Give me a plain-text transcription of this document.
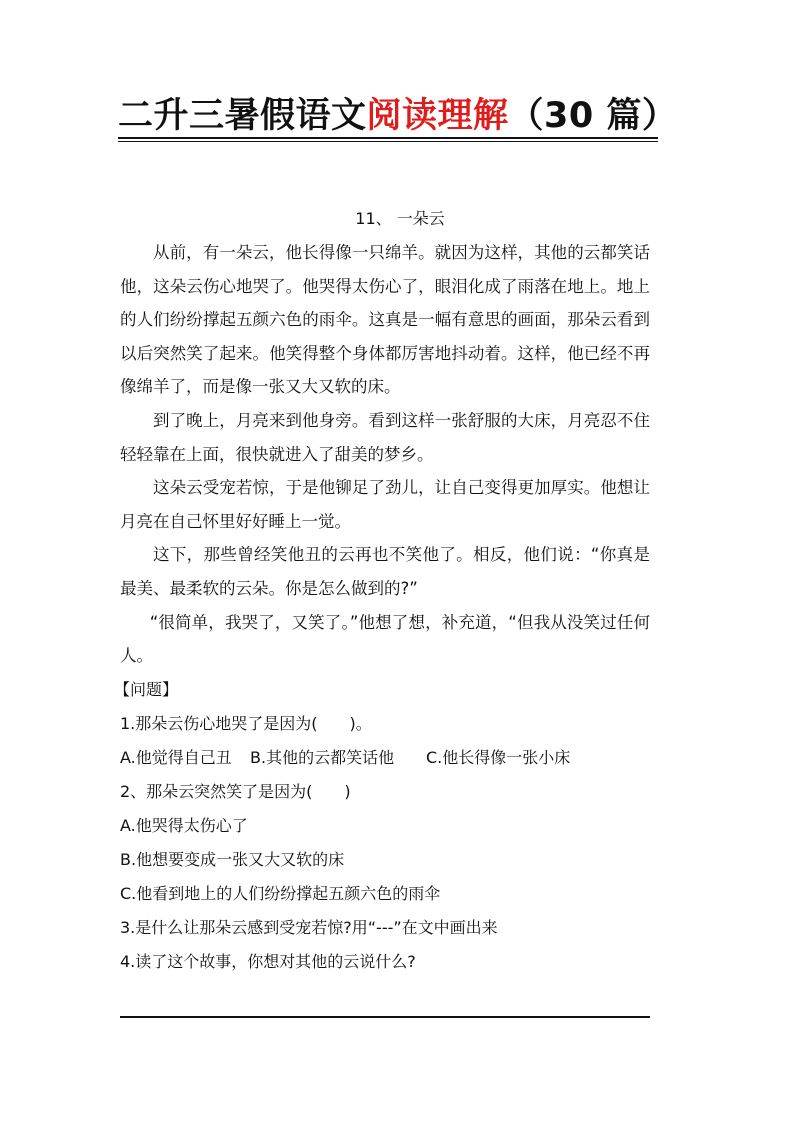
二升三暑假语文阅读理解（30 篇）
11、 一朵云

从前，有一朵云，他长得像一只绵羊。就因为这样，其他的云都笑话他，这朵云伤心地哭了。他哭得太伤心了，眼泪化成了雨落在地上。地上的人们纷纷撑起五颜六色的雨伞。这真是一幅有意思的画面，那朵云看到以后突然笑了起来。他笑得整个身体都厉害地抖动着。这样，他已经不再像绵羊了，而是像一张又大又软的床。

到了晚上，月亮来到他身旁。看到这样一张舒服的大床，月亮忍不住轻轻靠在上面，很快就进入了甜美的梦乡。

这朵云受宠若惊，于是他铆足了劲儿，让自己变得更加厚实。他想让月亮在自己怀里好好睡上一觉。

这下，那些曾经笑他丑的云再也不笑他了。相反，他们说：“你真是最美、最柔软的云朵。你是怎么做到的?”

“很简单，我哭了，又笑了。”他想了想，补充道，“但我从没笑过任何人。

【问题】

1.那朵云伤心地哭了是因为(　　)。

A.他觉得自己丑	B.其他的云都笑话他	C.他长得像一张小床

2、那朵云突然笑了是因为(　　)

A.他哭得太伤心了

B.他想要变成一张又大又软的床

C.他看到地上的人们纷纷撑起五颜六色的雨伞

3.是什么让那朵云感到受宠若惊?用“---”在文中画出来

4.读了这个故事，你想对其他的云说什么?
